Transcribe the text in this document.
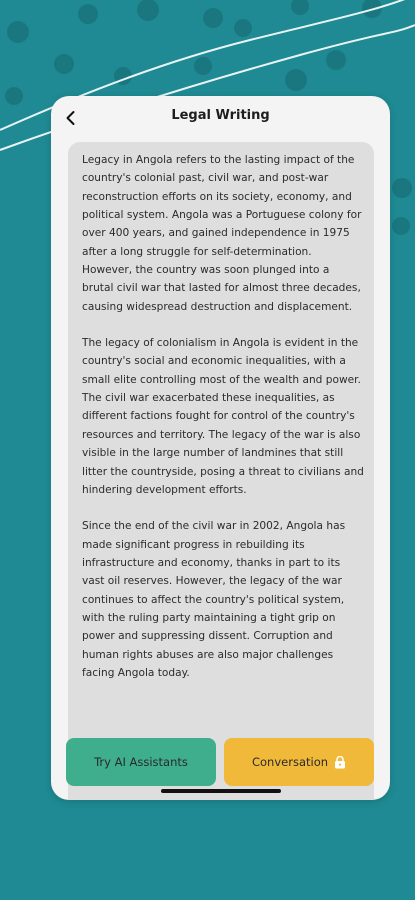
Legal Writing

Legacy in Angola refers to the lasting impact of the country's colonial past, civil war, and post-war reconstruction efforts on its society, economy, and political system. Angola was a Portuguese colony for over 400 years, and gained independence in 1975 after a long struggle for self-determination. However, the country was soon plunged into a brutal civil war that lasted for almost three decades, causing widespread destruction and displacement.

The legacy of colonialism in Angola is evident in the country's social and economic inequalities, with a small elite controlling most of the wealth and power. The civil war exacerbated these inequalities, as different factions fought for control of the country's resources and territory. The legacy of the war is also visible in the large number of landmines that still litter the countryside, posing a threat to civilians and hindering development efforts.

Since the end of the civil war in 2002, Angola has made significant progress in rebuilding its infrastructure and economy, thanks in part to its vast oil reserves. However, the legacy of the war continues to affect the country's political system, with the ruling party maintaining a tight grip on power and suppressing dissent. Corruption and human rights abuses are also major challenges facing Angola today.

Try AI Assistants	Conversation
